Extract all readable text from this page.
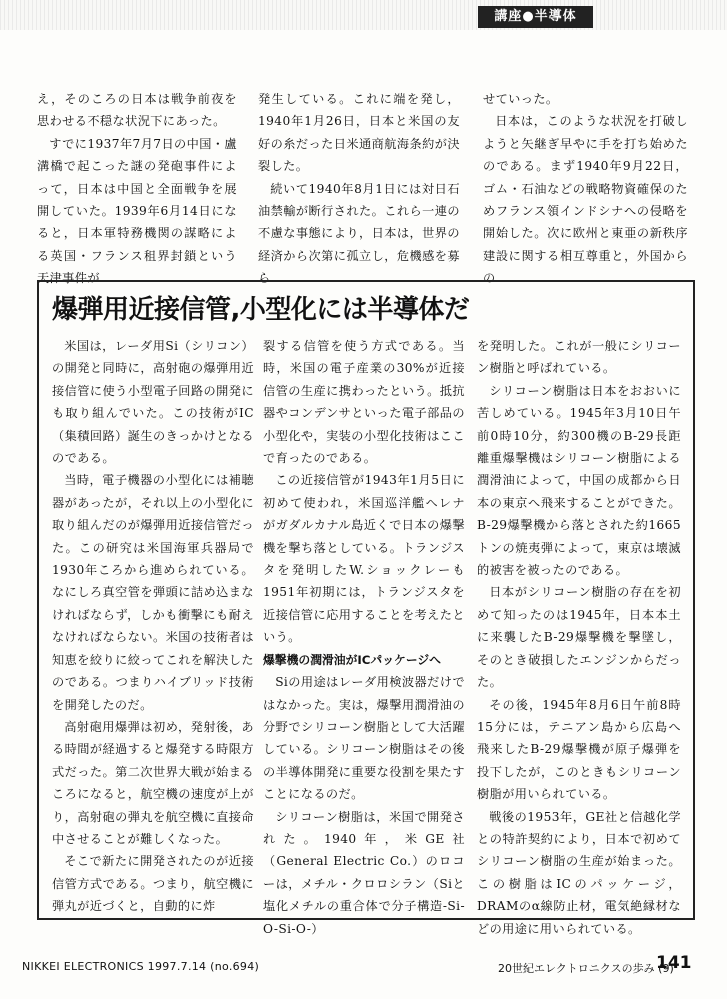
講座●半導体

え，そのころの日本は戦争前夜を思わせる不穏な状況下にあった。

すでに1937年7月7日の中国・盧溝橋で起こった謎の発砲事件によって，日本は中国と全面戦争を展開していた。1939年6月14日になると，日本軍特務機関の謀略による英国・フランス租界封鎖という天津事件が

発生している。これに端を発し，1940年1月26日，日本と米国の友好の糸だった日米通商航海条約が決裂した。

続いて1940年8月1日には対日石油禁輸が断行された。これら一連の不慮な事態により，日本は，世界の経済から次第に孤立し，危機感を募ら

せていった。

日本は，このような状況を打破しようと矢継ぎ早やに手を打ち始めたのである。まず1940年9月22日，ゴム・石油などの戦略物資確保のためフランス領インドシナへの侵略を開始した。次に欧州と東亜の新秩序建設に関する相互尊重と，外国からの

爆弾用近接信管,小型化には半導体だ

米国は，レーダ用Si（シリコン）の開発と同時に，高射砲の爆弾用近接信管に使う小型電子回路の開発にも取り組んでいた。この技術がIC（集積回路）誕生のきっかけとなるのである。

当時，電子機器の小型化には補聴器があったが，それ以上の小型化に取り組んだのが爆弾用近接信管だった。この研究は米国海軍兵器局で1930年ころから進められている。なにしろ真空管を弾頭に詰め込まなければならず，しかも衝撃にも耐えなければならない。米国の技術者は知恵を絞りに絞ってこれを解決したのである。つまりハイブリッド技術を開発したのだ。

高射砲用爆弾は初め，発射後，ある時間が経過すると爆発する時限方式だった。第二次世界大戦が始まるころになると，航空機の速度が上がり，高射砲の弾丸を航空機に直接命中させることが難しくなった。

そこで新たに開発されたのが近接信管方式である。つまり，航空機に弾丸が近づくと，自動的に炸

裂する信管を使う方式である。当時，米国の電子産業の30%が近接信管の生産に携わったという。抵抗器やコンデンサといった電子部品の小型化や，実装の小型化技術はここで育ったのである。

この近接信管が1943年1月5日に初めて使われ，米国巡洋艦ヘレナがガダルカナル島近くで日本の爆撃機を撃ち落としている。トランジスタを発明したW.ショックレーも1951年初期には，トランジスタを近接信管に応用することを考えたという。

爆撃機の潤滑油がICパッケージへ

Siの用途はレーダ用検波器だけではなかった。実は，爆撃用潤滑油の分野でシリコーン樹脂として大活躍している。シリコーン樹脂はその後の半導体開発に重要な役割を果たすことになるのだ。

シリコーン樹脂は，米国で開発された。1940年，米GE社（General Electric Co.）のロコーは，メチル・クロロシラン（Siと塩化メチルの重合体で分子構造-Si-O-Si-O-）

を発明した。これが一般にシリコーン樹脂と呼ばれている。

シリコーン樹脂は日本をおおいに苦しめている。1945年3月10日午前0時10分，約300機のB-29長距離重爆撃機はシリコーン樹脂による潤滑油によって，中国の成都から日本の東京へ飛来することができた。B-29爆撃機から落とされた約1665トンの焼夷弾によって，東京は壊滅的被害を被ったのである。

日本がシリコーン樹脂の存在を初めて知ったのは1945年，日本本土に来襲したB-29爆撃機を撃墜し，そのとき破損したエンジンからだった。

その後，1945年8月6日午前8時15分には，テニアン島から広島へ飛来したB-29爆撃機が原子爆弾を投下したが，このときもシリコーン樹脂が用いられている。

戦後の1953年，GE社と信越化学との特許契約により，日本で初めてシリコーン樹脂の生産が始まった。この樹脂はICのパッケージ，DRAMのα線防止材，電気絶縁材などの用途に用いられている。

NIKKEI ELECTRONICS 1997.7.14 (no.694)	20世紀エレクトロニクスの歩み (9)
141
